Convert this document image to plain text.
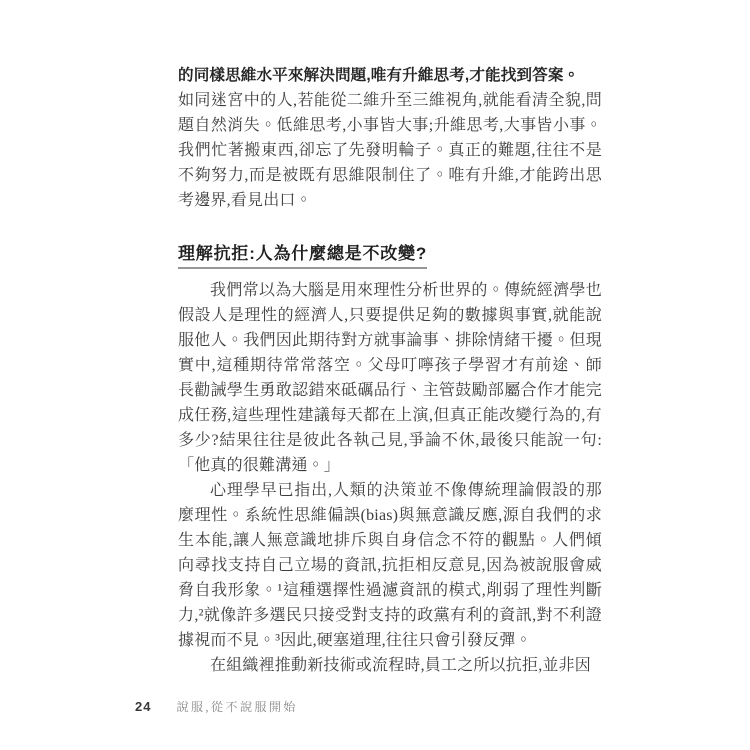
的同樣思維水平來解決問題,唯有升維思考,才能找到答案。

如同迷宮中的人,若能從二維升至三維視角,就能看清全貌,問題自然消失。低維思考,小事皆大事;升維思考,大事皆小事。我們忙著搬東西,卻忘了先發明輪子。真正的難題,往往不是不夠努力,而是被既有思維限制住了。唯有升維,才能跨出思考邊界,看見出口。

理解抗拒:人為什麼總是不改變?

我們常以為大腦是用來理性分析世界的。傳統經濟學也假設人是理性的經濟人,只要提供足夠的數據與事實,就能說服他人。我們因此期待對方就事論事、排除情緒干擾。但現實中,這種期待常常落空。父母叮嚀孩子學習才有前途、師長勸誡學生勇敢認錯來砥礪品行、主管鼓勵部屬合作才能完成任務,這些理性建議每天都在上演,但真正能改變行為的,有多少?結果往往是彼此各執己見,爭論不休,最後只能說一句:「他真的很難溝通。」

心理學早已指出,人類的決策並不像傳統理論假設的那麼理性。系統性思維偏誤(bias)與無意識反應,源自我們的求生本能,讓人無意識地排斥與自身信念不符的觀點。人們傾向尋找支持自己立場的資訊,抗拒相反意見,因為被說服會威脅自我形象。¹這種選擇性過濾資訊的模式,削弱了理性判斷力,²就像許多選民只接受對支持的政黨有利的資訊,對不利證據視而不見。³因此,硬塞道理,往往只會引發反彈。

在組織裡推動新技術或流程時,員工之所以抗拒,並非因

24 說服,從不說服開始
